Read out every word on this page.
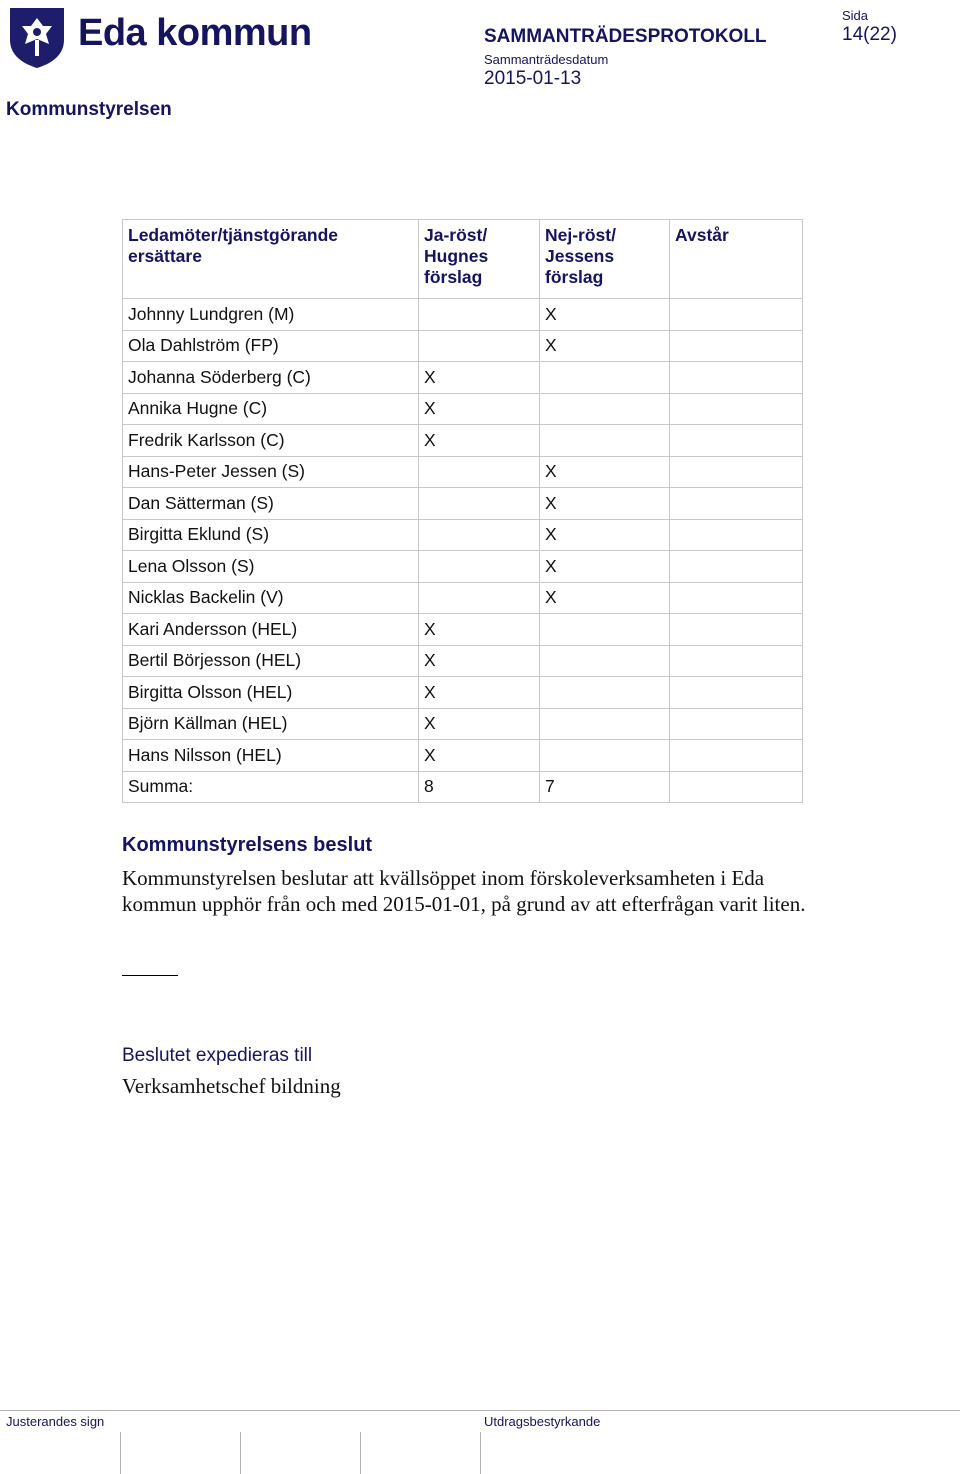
Eda kommun	SAMMANTRÄDESPROTOKOLL
Sammanträdesdatum
2015-01-13
Sida
14(22)
Kommunstyrelsen
Ledamöter/tjänstgörande ersättare	Ja-röst/ Hugnes förslag	Nej-röst/ Jessens förslag	Avstår
Johnny Lundgren (M)		X	
Ola Dahlström (FP)		X	
Johanna Söderberg (C)	X		
Annika Hugne (C)	X		
Fredrik Karlsson (C)	X		
Hans-Peter Jessen (S)		X	
Dan Sätterman (S)		X	
Birgitta Eklund (S)		X	
Lena Olsson (S)		X	
Nicklas Backelin (V)		X	
Kari Andersson (HEL)	X		
Bertil Börjesson (HEL)	X		
Birgitta Olsson (HEL)	X		
Björn Källman (HEL)	X		
Hans Nilsson (HEL)	X		
Summa:	8	7	
Kommunstyrelsens beslut
Kommunstyrelsen beslutar att kvällsöppet inom förskoleverksamheten i Eda kommun upphör från och med 2015-01-01, på grund av att efterfrågan varit liten.
Beslutet expedieras till
Verksamhetschef bildning
Justerandes sign	Utdragsbestyrkande
